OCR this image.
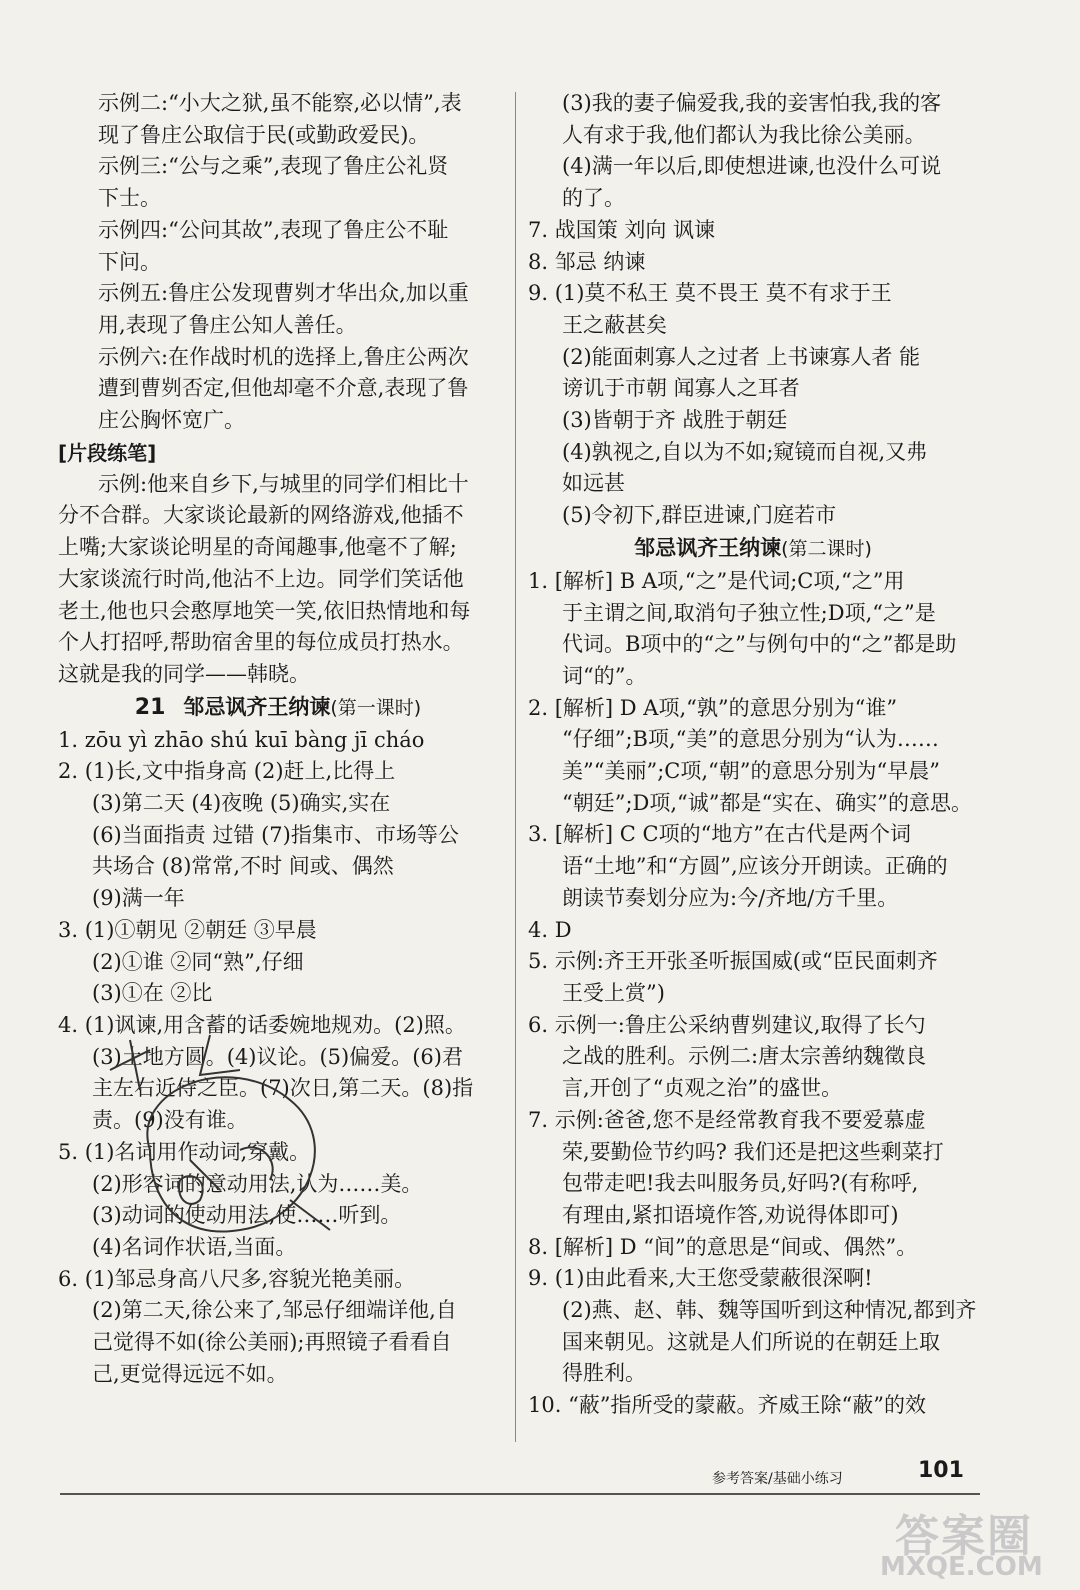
示例二:“小大之狱,虽不能察,必以情”,表
现了鲁庄公取信于民(或勤政爱民)。
示例三:“公与之乘”,表现了鲁庄公礼贤
下士。
示例四:“公问其故”,表现了鲁庄公不耻
下问。
示例五:鲁庄公发现曹刿才华出众,加以重
用,表现了鲁庄公知人善任。
示例六:在作战时机的选择上,鲁庄公两次
遭到曹刿否定,但他却毫不介意,表现了鲁
庄公胸怀宽广。
[片段练笔]
示例:他来自乡下,与城里的同学们相比十
分不合群。大家谈论最新的网络游戏,他插不
上嘴;大家谈论明星的奇闻趣事,他毫不了解;
大家谈流行时尚,他沾不上边。同学们笑话他
老土,他也只会憨厚地笑一笑,依旧热情地和每
个人打招呼,帮助宿舍里的每位成员打热水。
这就是我的同学——韩晓。
21 邹忌讽齐王纳谏(第一课时)
1. zōu yì zhāo shú kuī bàng jī cháo
2. (1)长,文中指身高 (2)赶上,比得上
(3)第二天 (4)夜晚 (5)确实,实在
(6)当面指责 过错 (7)指集市、市场等公
共场合 (8)常常,不时 间或、偶然
(9)满一年
3. (1)①朝见 ②朝廷 ③早晨
(2)①谁 ②同“熟”,仔细
(3)①在 ②比
4. (1)讽谏,用含蓄的话委婉地规劝。(2)照。
(3)土地方圆。(4)议论。(5)偏爱。(6)君
主左右近侍之臣。(7)次日,第二天。(8)指
责。(9)没有谁。
5. (1)名词用作动词,穿戴。
(2)形容词的意动用法,认为……美。
(3)动词的使动用法,使……听到。
(4)名词作状语,当面。
6. (1)邹忌身高八尺多,容貌光艳美丽。
(2)第二天,徐公来了,邹忌仔细端详他,自
己觉得不如(徐公美丽);再照镜子看看自
己,更觉得远远不如。
(3)我的妻子偏爱我,我的妾害怕我,我的客
人有求于我,他们都认为我比徐公美丽。
(4)满一年以后,即使想进谏,也没什么可说
的了。
7. 战国策 刘向 讽谏
8. 邹忌 纳谏
9. (1)莫不私王 莫不畏王 莫不有求于王
王之蔽甚矣
(2)能面刺寡人之过者 上书谏寡人者 能
谤讥于市朝 闻寡人之耳者
(3)皆朝于齐 战胜于朝廷
(4)孰视之,自以为不如;窥镜而自视,又弗
如远甚
(5)令初下,群臣进谏,门庭若市
邹忌讽齐王纳谏(第二课时)
1. [解析] B A项,“之”是代词;C项,“之”用
于主谓之间,取消句子独立性;D项,“之”是
代词。B项中的“之”与例句中的“之”都是助
词“的”。
2. [解析] D A项,“孰”的意思分别为“谁”
“仔细”;B项,“美”的意思分别为“认为……
美”“美丽”;C项,“朝”的意思分别为“早晨”
“朝廷”;D项,“诚”都是“实在、确实”的意思。
3. [解析] C C项的“地方”在古代是两个词
语“土地”和“方圆”,应该分开朗读。正确的
朗读节奏划分应为:今/齐地/方千里。
4. D
5. 示例:齐王开张圣听振国威(或“臣民面刺齐
王受上赏”)
6. 示例一:鲁庄公采纳曹刿建议,取得了长勺
之战的胜利。示例二:唐太宗善纳魏徵良
言,开创了“贞观之治”的盛世。
7. 示例:爸爸,您不是经常教育我不要爱慕虚
荣,要勤俭节约吗? 我们还是把这些剩菜打
包带走吧!我去叫服务员,好吗?(有称呼,
有理由,紧扣语境作答,劝说得体即可)
8. [解析] D “间”的意思是“间或、偶然”。
9. (1)由此看来,大王您受蒙蔽很深啊!
(2)燕、赵、韩、魏等国听到这种情况,都到齐
国来朝见。这就是人们所说的在朝廷上取
得胜利。
10. “蔽”指所受的蒙蔽。齐威王除“蔽”的效
参考答案/基础小练习	101
答案圈
MXQE.COM
